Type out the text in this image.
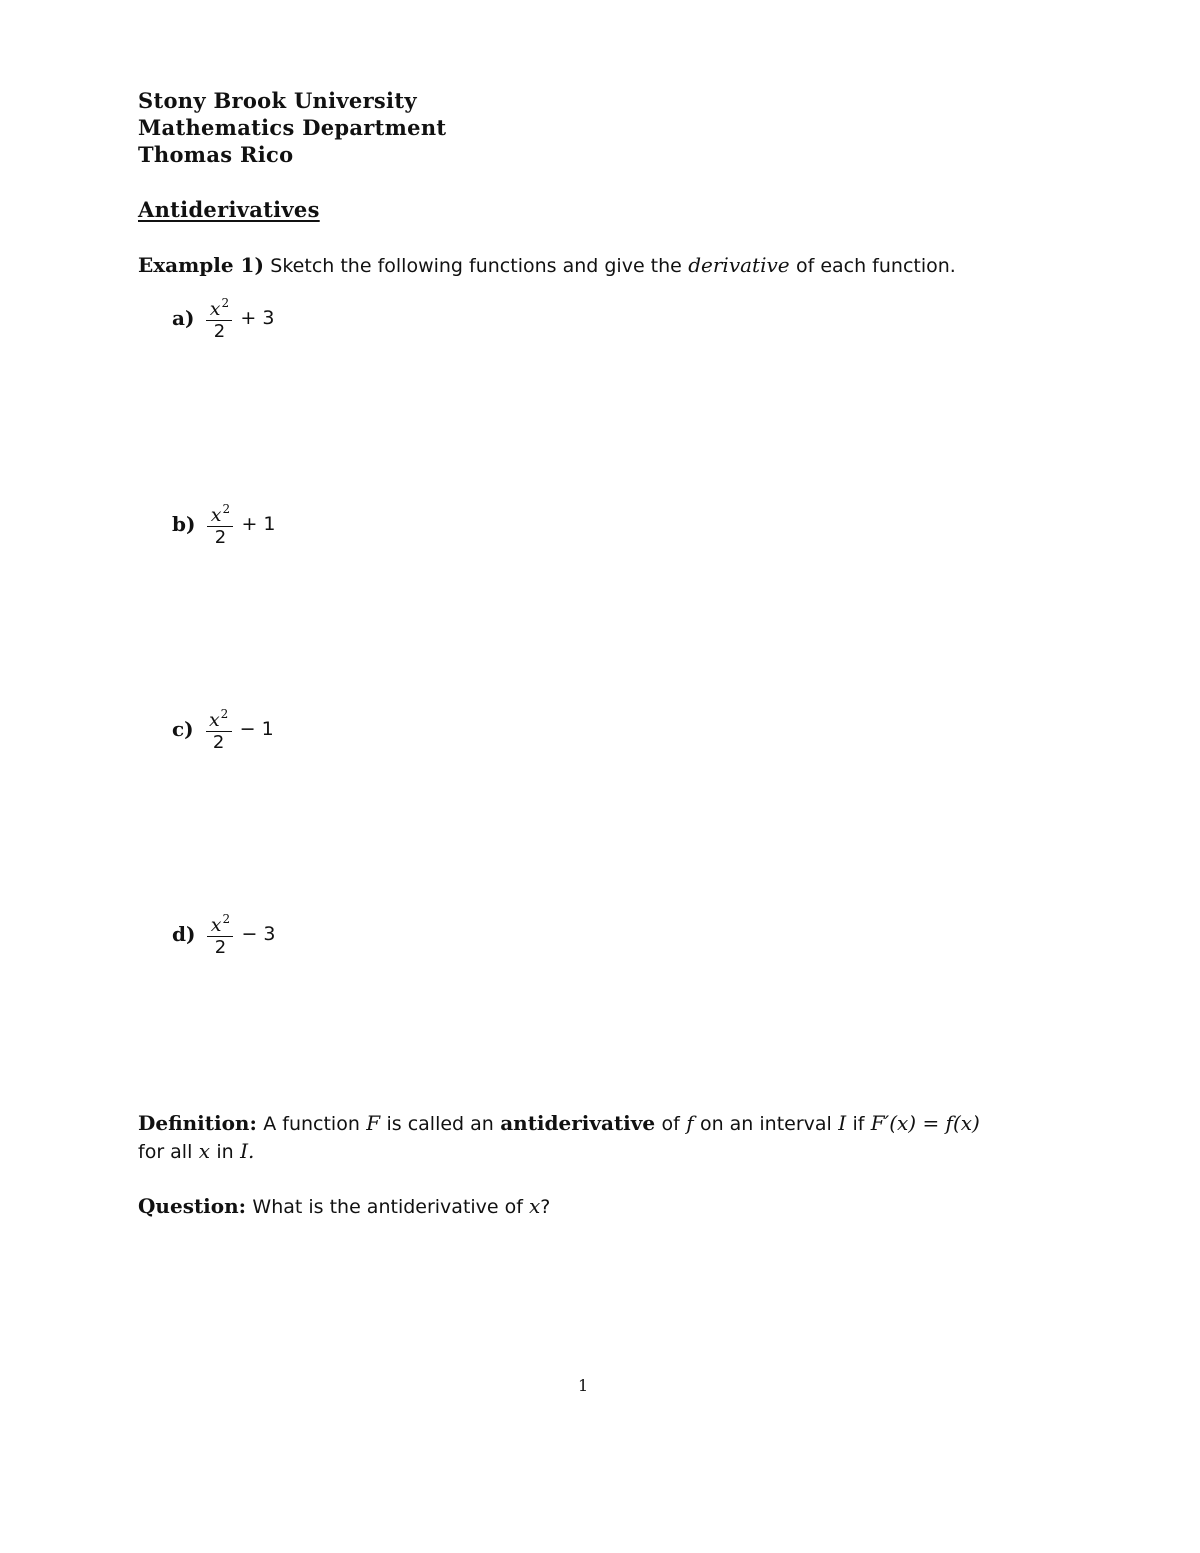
Stony Brook University
Mathematics Department
Thomas Rico
Antiderivatives
Example 1) Sketch the following functions and give the derivative of each function.
$a) \frac{x^2}{2} + 3$
$b) \frac{x^2}{2} + 1$
$c) \frac{x^2}{2} - 1$
$d) \frac{x^2}{2} - 3$
Definition: A function F is called an antiderivative of f on an interval I if F′(x) = f(x)
for all x in I.
Question: What is the antiderivative of x?
1
